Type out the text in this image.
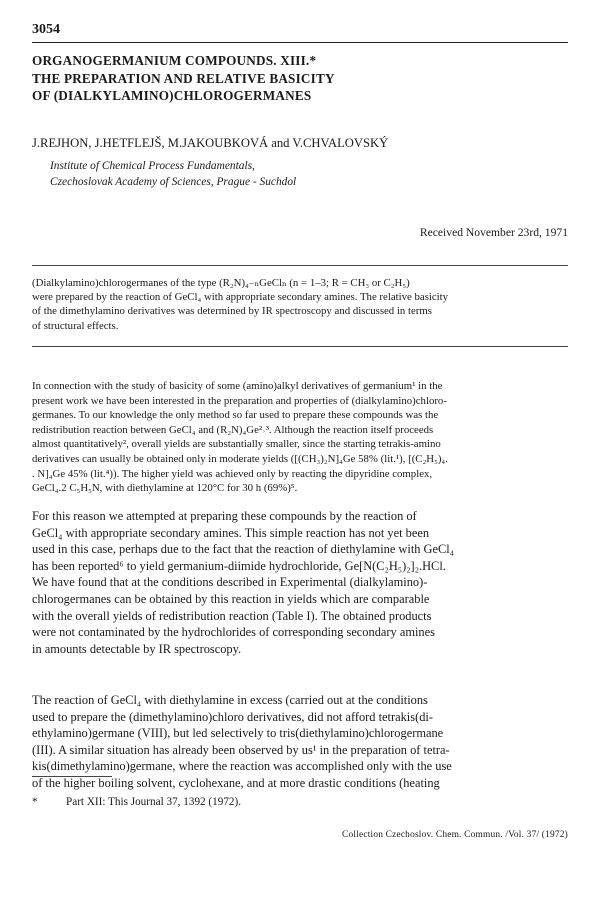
3054
ORGANOGERMANIUM COMPOUNDS. XIII.*
THE PREPARATION AND RELATIVE BASICITY
OF (DIALKYLAMINO)CHLOROGERMANES
J.REJHON, J.HETFLEJŠ, M.JAKOUBKOVÁ and V.CHVALOVSKÝ
Institute of Chemical Process Fundamentals,
Czechoslovak Academy of Sciences, Prague - Suchdol
Received November 23rd, 1971
(Dialkylamino)chlorogermanes of the type (R₂N)₄₋ₙGeClₙ (n = 1–3; R = CH₃ or C₂H₅)
were prepared by the reaction of GeCl₄ with appropriate secondary amines. The relative basicity
of the dimethylamino derivatives was determined by IR spectroscopy and discussed in terms
of structural effects.
In connection with the study of basicity of some (amino)alkyl derivatives of germanium¹ in the
present work we have been interested in the preparation and properties of (dialkylamino)chloro-
germanes. To our knowledge the only method so far used to prepare these compounds was the
redistribution reaction between GeCl₄ and (R₂N)₄Ge²˒³. Although the reaction itself proceeds
almost quantitatively², overall yields are substantially smaller, since the starting tetrakis-amino
derivatives can usually be obtained only in moderate yields ([(CH₃)₂N]₄Ge 58% (lit.¹), [(C₂H₅)₄.
. N]₄Ge 45% (lit.⁴)). The higher yield was achieved only by reacting the dipyridine complex,
GeCl₄.2 C₅H₅N, with diethylamine at 120°C for 30 h (69%)⁵.
For this reason we attempted at preparing these compounds by the reaction of
GeCl₄ with appropriate secondary amines. This simple reaction has not yet been
used in this case, perhaps due to the fact that the reaction of diethylamine with GeCl₄
has been reported⁶ to yield germanium-diimide hydrochloride, Ge[N(C₂H₅)₂]₂.HCl.
We have found that at the conditions described in Experimental (dialkylamino)-
chlorogermanes can be obtained by this reaction in yields which are comparable
with the overall yields of redistribution reaction (Table I). The obtained products
were not contaminated by the hydrochlorides of corresponding secondary amines
in amounts detectable by IR spectroscopy.
The reaction of GeCl₄ with diethylamine in excess (carried out at the conditions
used to prepare the (dimethylamino)chloro derivatives, did not afford tetrakis(di-
ethylamino)germane (VIII), but led selectively to tris(diethylamino)chlorogermane
(III). A similar situation has already been observed by us¹ in the preparation of tetra-
kis(dimethylamino)germane, where the reaction was accomplished only with the use
of the higher boiling solvent, cyclohexane, and at more drastic conditions (heating
*	Part XII: This Journal 37, 1392 (1972).
Collection Czechoslov. Chem. Commun. /Vol. 37/ (1972)
